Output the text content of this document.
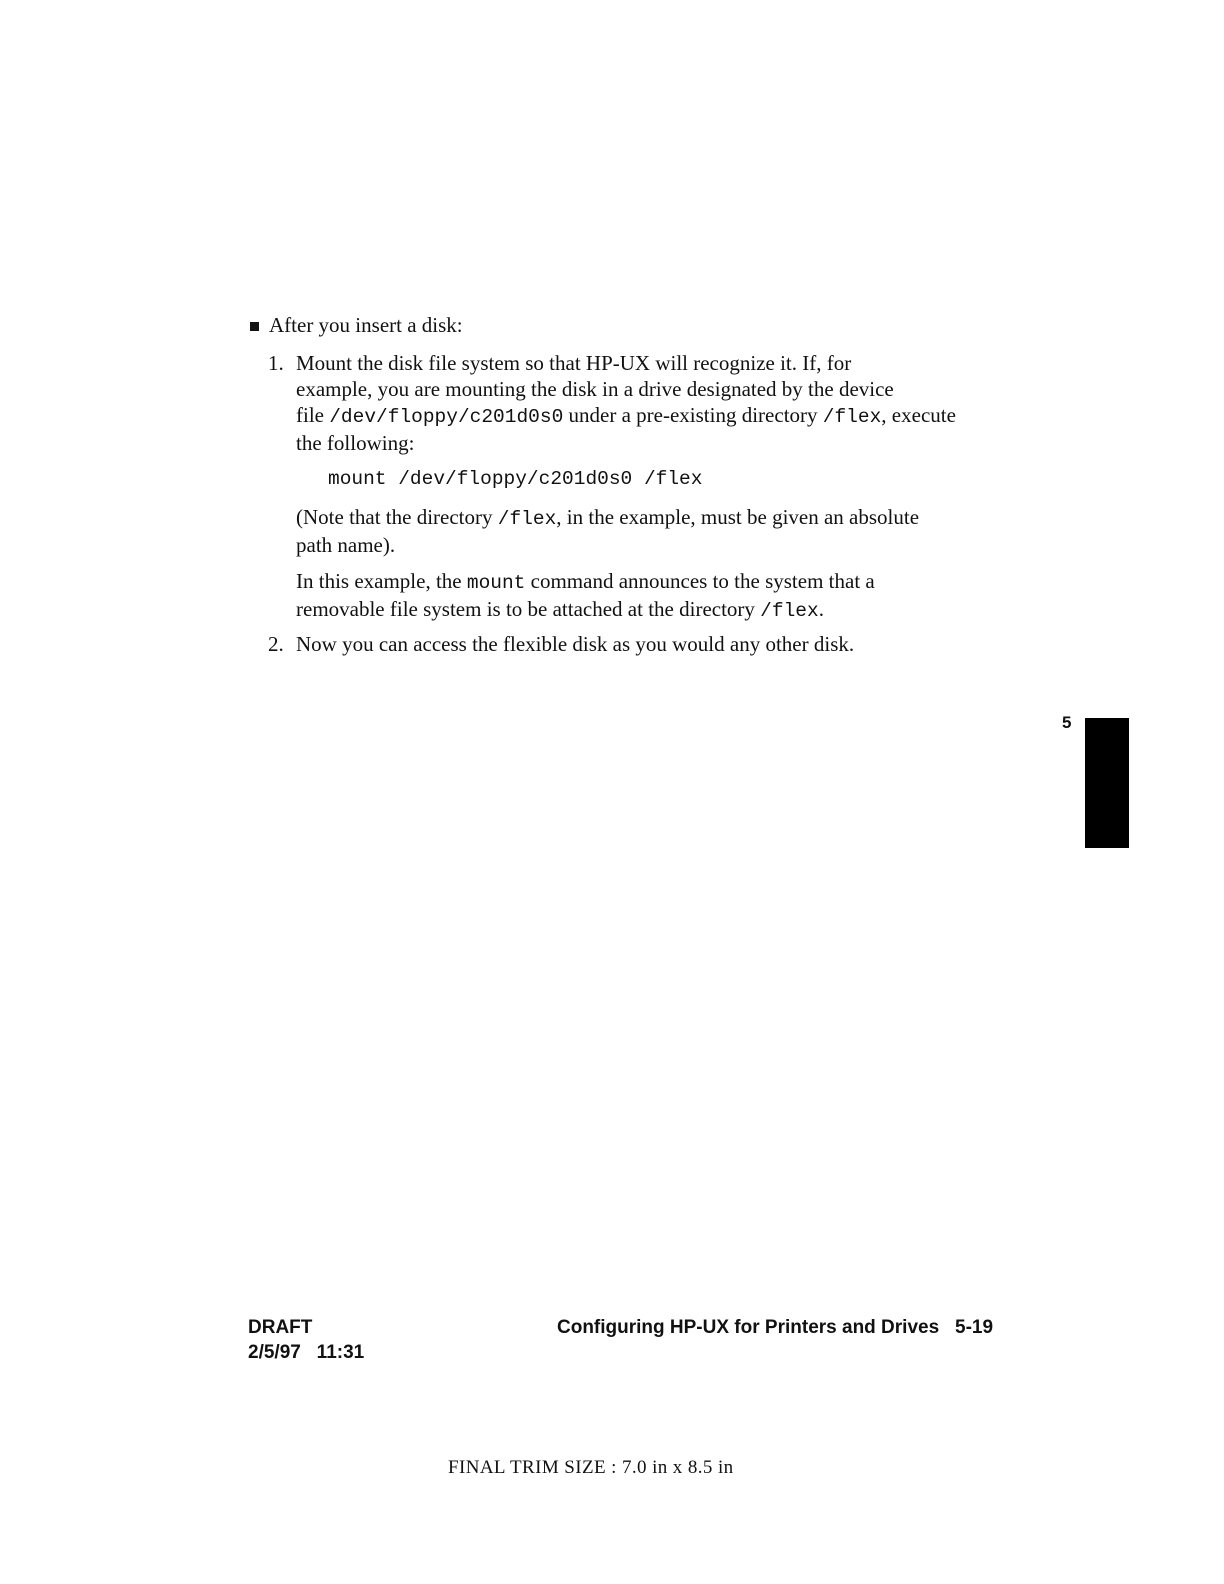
After you insert a disk:
1. Mount the disk file system so that HP-UX will recognize it. If, for
example, you are mounting the disk in a drive designated by the device
file /dev/floppy/c201d0s0 under a pre-existing directory /flex, execute
the following:
mount /dev/floppy/c201d0s0 /flex
(Note that the directory /flex, in the example, must be given an absolute
path name).
In this example, the mount command announces to the system that a
removable file system is to be attached at the directory /flex.
2. Now you can access the flexible disk as you would any other disk.
5
DRAFT
2/5/97 11:31
Configuring HP-UX for Printers and Drives 5-19
FINAL TRIM SIZE : 7.0 in x 8.5 in
